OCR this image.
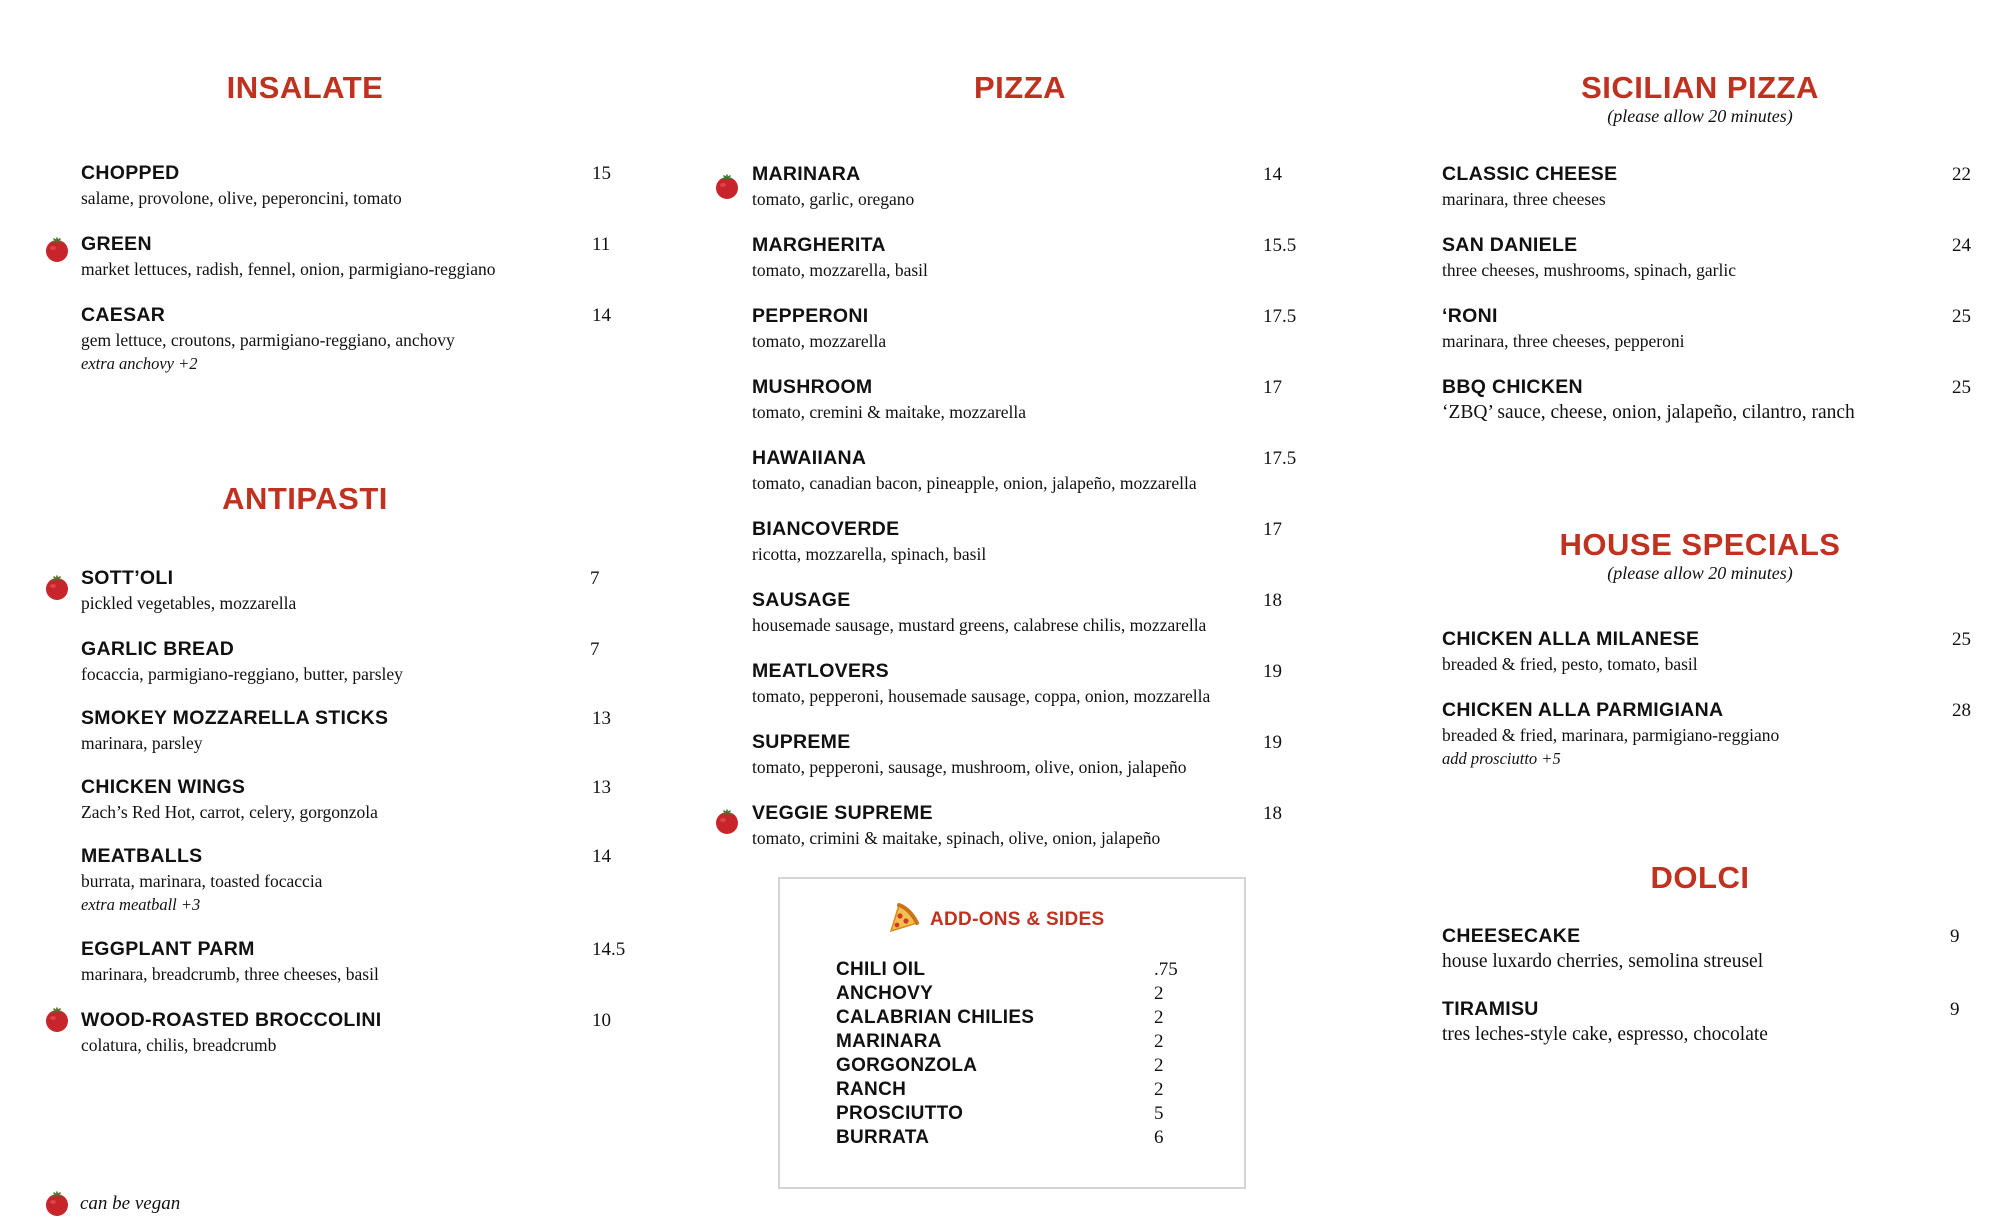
INSALATE
CHOPPED
salame, provolone, olive, peperoncini, tomato
15
GREEN
market lettuces, radish, fennel, onion, parmigiano-reggiano
11
CAESAR
gem lettuce, croutons, parmigiano-reggiano, anchovy
extra anchovy +2
14
ANTIPASTI
SOTT’OLI
pickled vegetables, mozzarella
7
GARLIC BREAD
focaccia, parmigiano-reggiano, butter, parsley
7
SMOKEY MOZZARELLA STICKS
marinara, parsley
13
CHICKEN WINGS
Zach’s Red Hot, carrot, celery, gorgonzola
13
MEATBALLS
burrata, marinara, toasted focaccia
extra meatball +3
14
EGGPLANT PARM
marinara, breadcrumb, three cheeses, basil
14.5
WOOD-ROASTED BROCCOLINI
colatura, chilis, breadcrumb
10
PIZZA
MARINARA
tomato, garlic, oregano
14
MARGHERITA
tomato, mozzarella, basil
15.5
PEPPERONI
tomato, mozzarella
17.5
MUSHROOM
tomato, cremini & maitake, mozzarella
17
HAWAIIANA
tomato, canadian bacon, pineapple, onion, jalapeño, mozzarella
17.5
BIANCOVERDE
ricotta, mozzarella, spinach, basil
17
SAUSAGE
housemade sausage, mustard greens, calabrese chilis, mozzarella
18
MEATLOVERS
tomato, pepperoni, housemade sausage, coppa, onion, mozzarella
19
SUPREME
tomato, pepperoni, sausage, mushroom, olive, onion, jalapeño
19
VEGGIE SUPREME
tomato, crimini & maitake, spinach, olive, onion, jalapeño
18
ADD-ONS & SIDES
CHILI OIL	.75
ANCHOVY	2
CALABRIAN CHILIES	2
MARINARA	2
GORGONZOLA	2
RANCH	2
PROSCIUTTO	5
BURRATA	6
SICILIAN PIZZA
(please allow 20 minutes)
CLASSIC CHEESE
marinara, three cheeses
22
SAN DANIELE
three cheeses, mushrooms, spinach, garlic
24
‘RONI
marinara, three cheeses, pepperoni
25
BBQ CHICKEN
‘ZBQ’ sauce, cheese, onion, jalapeño, cilantro, ranch
25
HOUSE SPECIALS
(please allow 20 minutes)
CHICKEN ALLA MILANESE
breaded & fried, pesto, tomato, basil
25
CHICKEN ALLA PARMIGIANA
breaded & fried, marinara, parmigiano-reggiano
add prosciutto +5
28
DOLCI
CHEESECAKE
house luxardo cherries, semolina streusel
9
TIRAMISU
tres leches-style cake, espresso, chocolate
9
can be vegan
